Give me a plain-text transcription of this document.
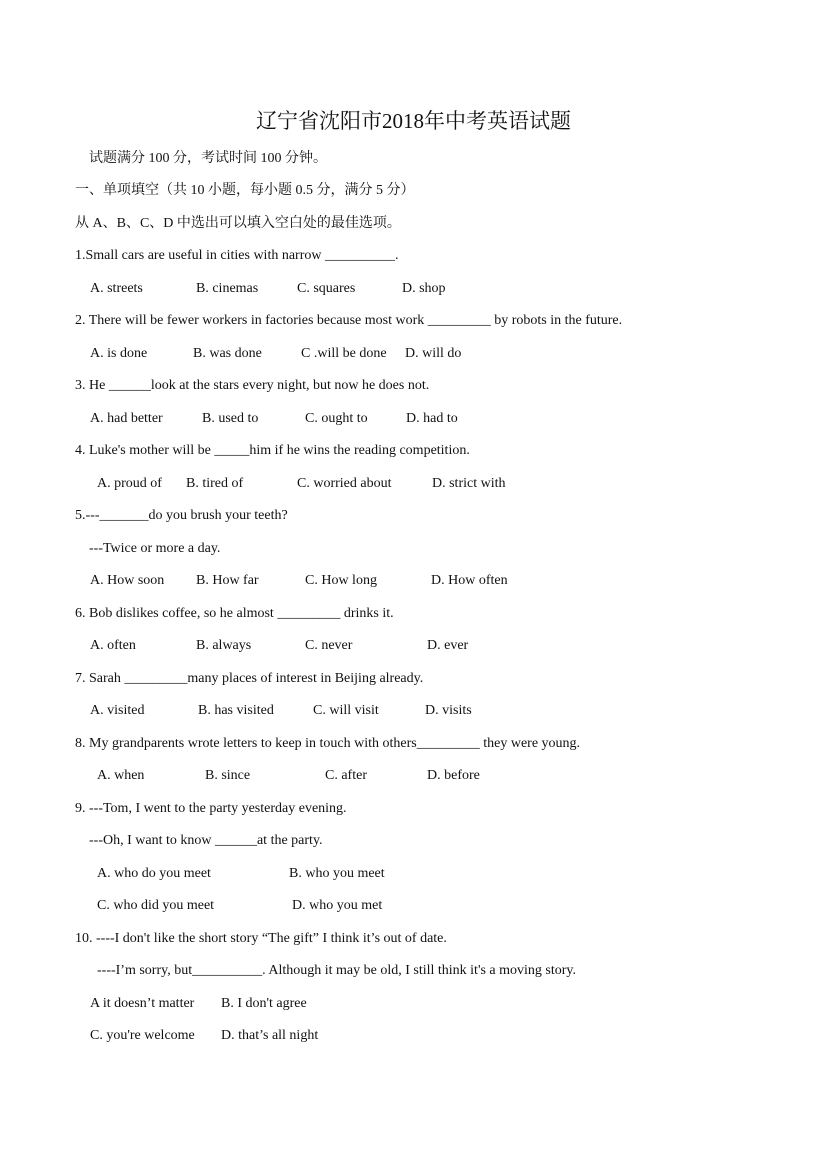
辽宁省沈阳市2018年中考英语试题
试题满分 100 分，考试时间 100 分钟。
一、单项填空（共 10 小题，每小题 0.5 分，满分 5 分）
从 A、B、C、D 中选出可以填入空白处的最佳选项。
1.Small cars are useful in cities with narrow __________.
A. streets	B. cinemas	C. squares	D. shop
2. There will be fewer workers in factories because most work _________ by robots in the future.
A. is done	B. was done	C .will be done D. will do
3. He ______look at the stars every night, but now he does not.
A. had better	B. used to	C. ought to	D. had to
4. Luke's mother will be _____him if he wins the reading competition.
A. proud of B. tired of	C. worried about	D. strict with
5.---_______do you brush your teeth?
---Twice or more a day.
A. How soon B. How far	C. How long	D. How often
6. Bob dislikes coffee, so he almost _________ drinks it.
A. often	B. always	C. never	D. ever
7. Sarah _________many places of interest in Beijing already.
A. visited	B. has visited	C. will visit	D. visits
8. My grandparents wrote letters to keep in touch with others_________ they were young.
A. when	B. since	C. after	D. before
9. ---Tom, I went to the party yesterday evening.
---Oh, I want to know ______at the party.
A. who do you meet	B. who you meet
C. who did you meet	D. who you met
10. ----I don't like the short story “The gift” I think it’s out of date.
----I’m sorry, but__________. Although it may be old, I still think it's a moving story.
A it doesn’t matter B. I don't agree
C. you're welcome D. that’s all night
